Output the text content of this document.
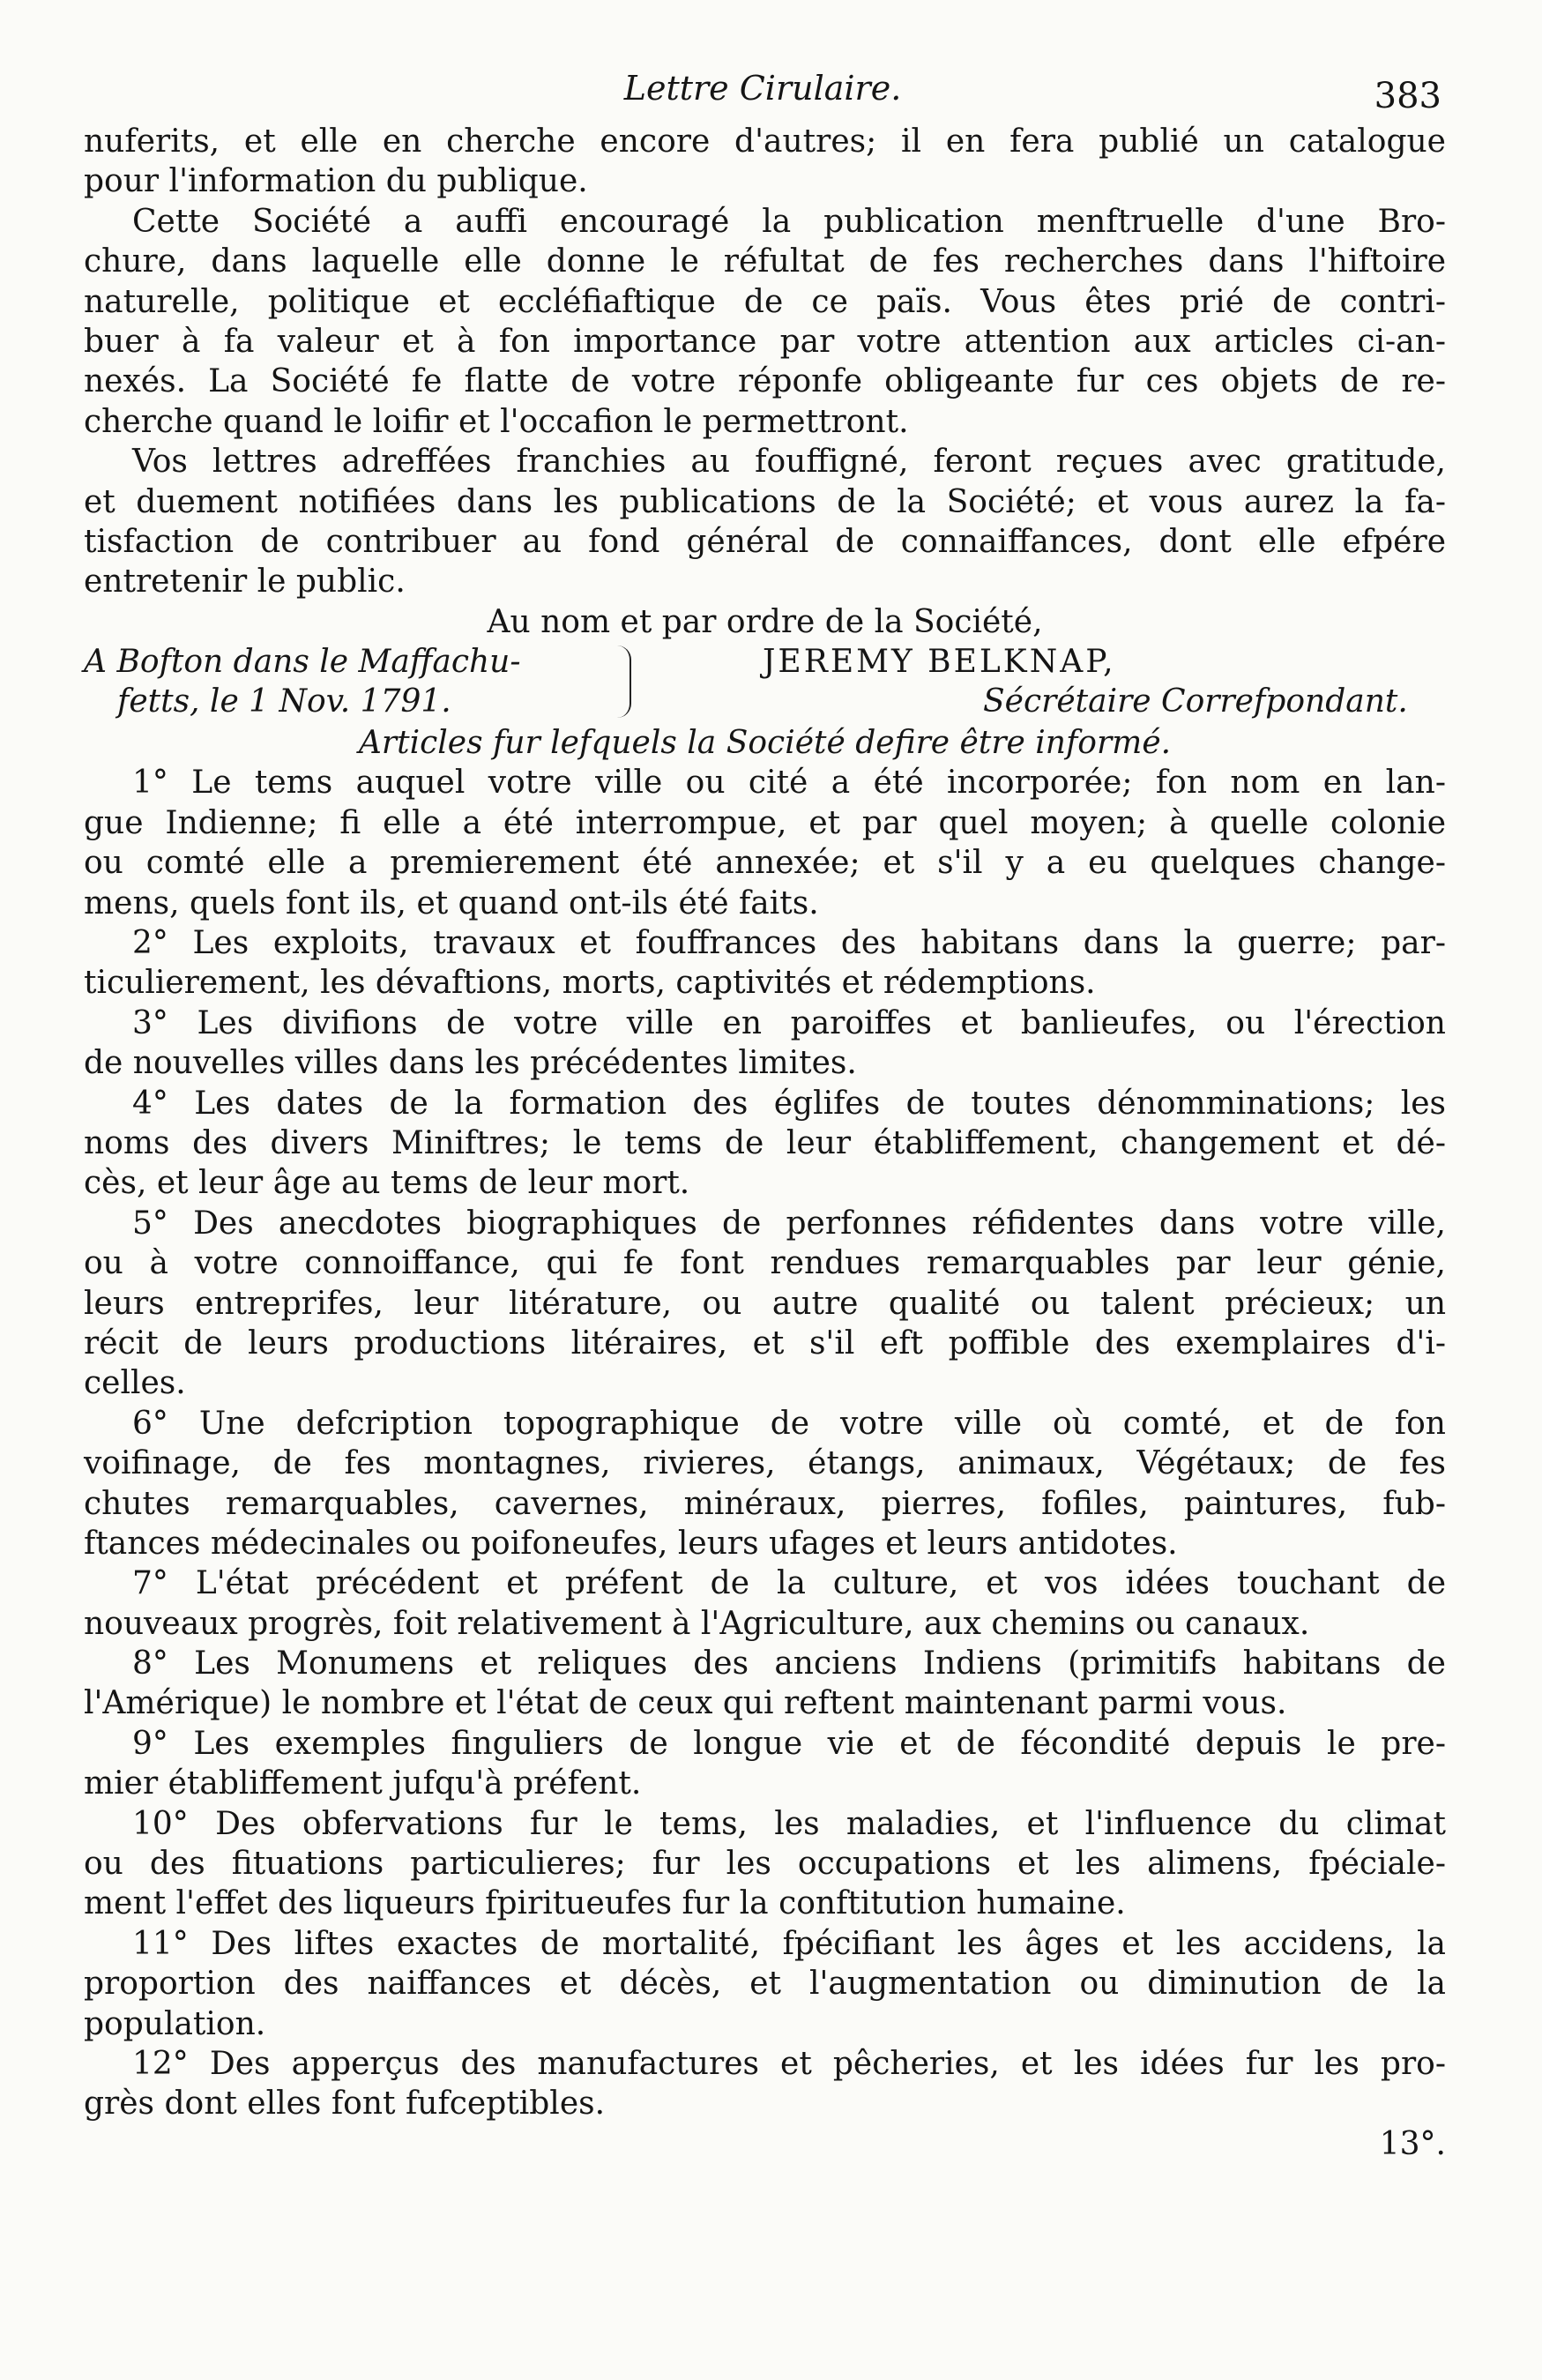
Lettre Cirulaire.	383
nuferits, et elle en cherche encore d'autres; il en fera publié un catalogue
pour l'information du publique.
Cette Société a auffi encouragé la publication menftruelle d'une Bro-
chure, dans laquelle elle donne le réfultat de fes recherches dans l'hiftoire
naturelle, politique et eccléfiaftique de ce païs. Vous êtes prié de contri-
buer à fa valeur et à fon importance par votre attention aux articles ci-an-
nexés. La Société fe flatte de votre réponfe obligeante fur ces objets de re-
cherche quand le loifir et l'occafion le permettront.
Vos lettres adreffées franchies au fouffigné, feront reçues avec gratitude,
et duement notifiées dans les publications de la Société; et vous aurez la fa-
tisfaction de contribuer au fond général de connaiffances, dont elle efpére
entretenir le public.
Au nom et par ordre de la Société,
A Bofton dans le Maffachu-
fetts, le 1 Nov. 1791.
JEREMY BELKNAP,
Sécrétaire Correfpondant.
Articles fur lefquels la Société defire être informé.
1° Le tems auquel votre ville ou cité a été incorporée; fon nom en lan-
gue Indienne; fi elle a été interrompue, et par quel moyen; à quelle colonie
ou comté elle a premierement été annexée; et s'il y a eu quelques change-
mens, quels font ils, et quand ont-ils été faits.
2° Les exploits, travaux et fouffrances des habitans dans la guerre; par-
ticulierement, les dévaftions, morts, captivités et rédemptions.
3° Les divifions de votre ville en paroiffes et banlieufes, ou l'érection
de nouvelles villes dans les précédentes limites.
4° Les dates de la formation des églifes de toutes dénomminations; les
noms des divers Miniftres; le tems de leur établiffement, changement et dé-
cès, et leur âge au tems de leur mort.
5° Des anecdotes biographiques de perfonnes réfidentes dans votre ville,
ou à votre connoiffance, qui fe font rendues remarquables par leur génie,
leurs entreprifes, leur litérature, ou autre qualité ou talent précieux; un
récit de leurs productions litéraires, et s'il eft poffible des exemplaires d'i-
celles.
6° Une defcription topographique de votre ville où comté, et de fon
voifinage, de fes montagnes, rivieres, étangs, animaux, Végétaux; de fes
chutes remarquables, cavernes, minéraux, pierres, fofiles, paintures, fub-
ftances médecinales ou poifoneufes, leurs ufages et leurs antidotes.
7° L'état précédent et préfent de la culture, et vos idées touchant de
nouveaux progrès, foit relativement à l'Agriculture, aux chemins ou canaux.
8° Les Monumens et reliques des anciens Indiens (primitifs habitans de
l'Amérique) le nombre et l'état de ceux qui reftent maintenant parmi vous.
9° Les exemples finguliers de longue vie et de fécondité depuis le pre-
mier établiffement jufqu'à préfent.
10° Des obfervations fur le tems, les maladies, et l'influence du climat
ou des fituations particulieres; fur les occupations et les alimens, fpéciale-
ment l'effet des liqueurs fpiritueufes fur la conftitution humaine.
11° Des liftes exactes de mortalité, fpécifiant les âges et les accidens, la
proportion des naiffances et décès, et l'augmentation ou diminution de la
population.
12° Des apperçus des manufactures et pêcheries, et les idées fur les pro-
grès dont elles font fufceptibles.
13°.
